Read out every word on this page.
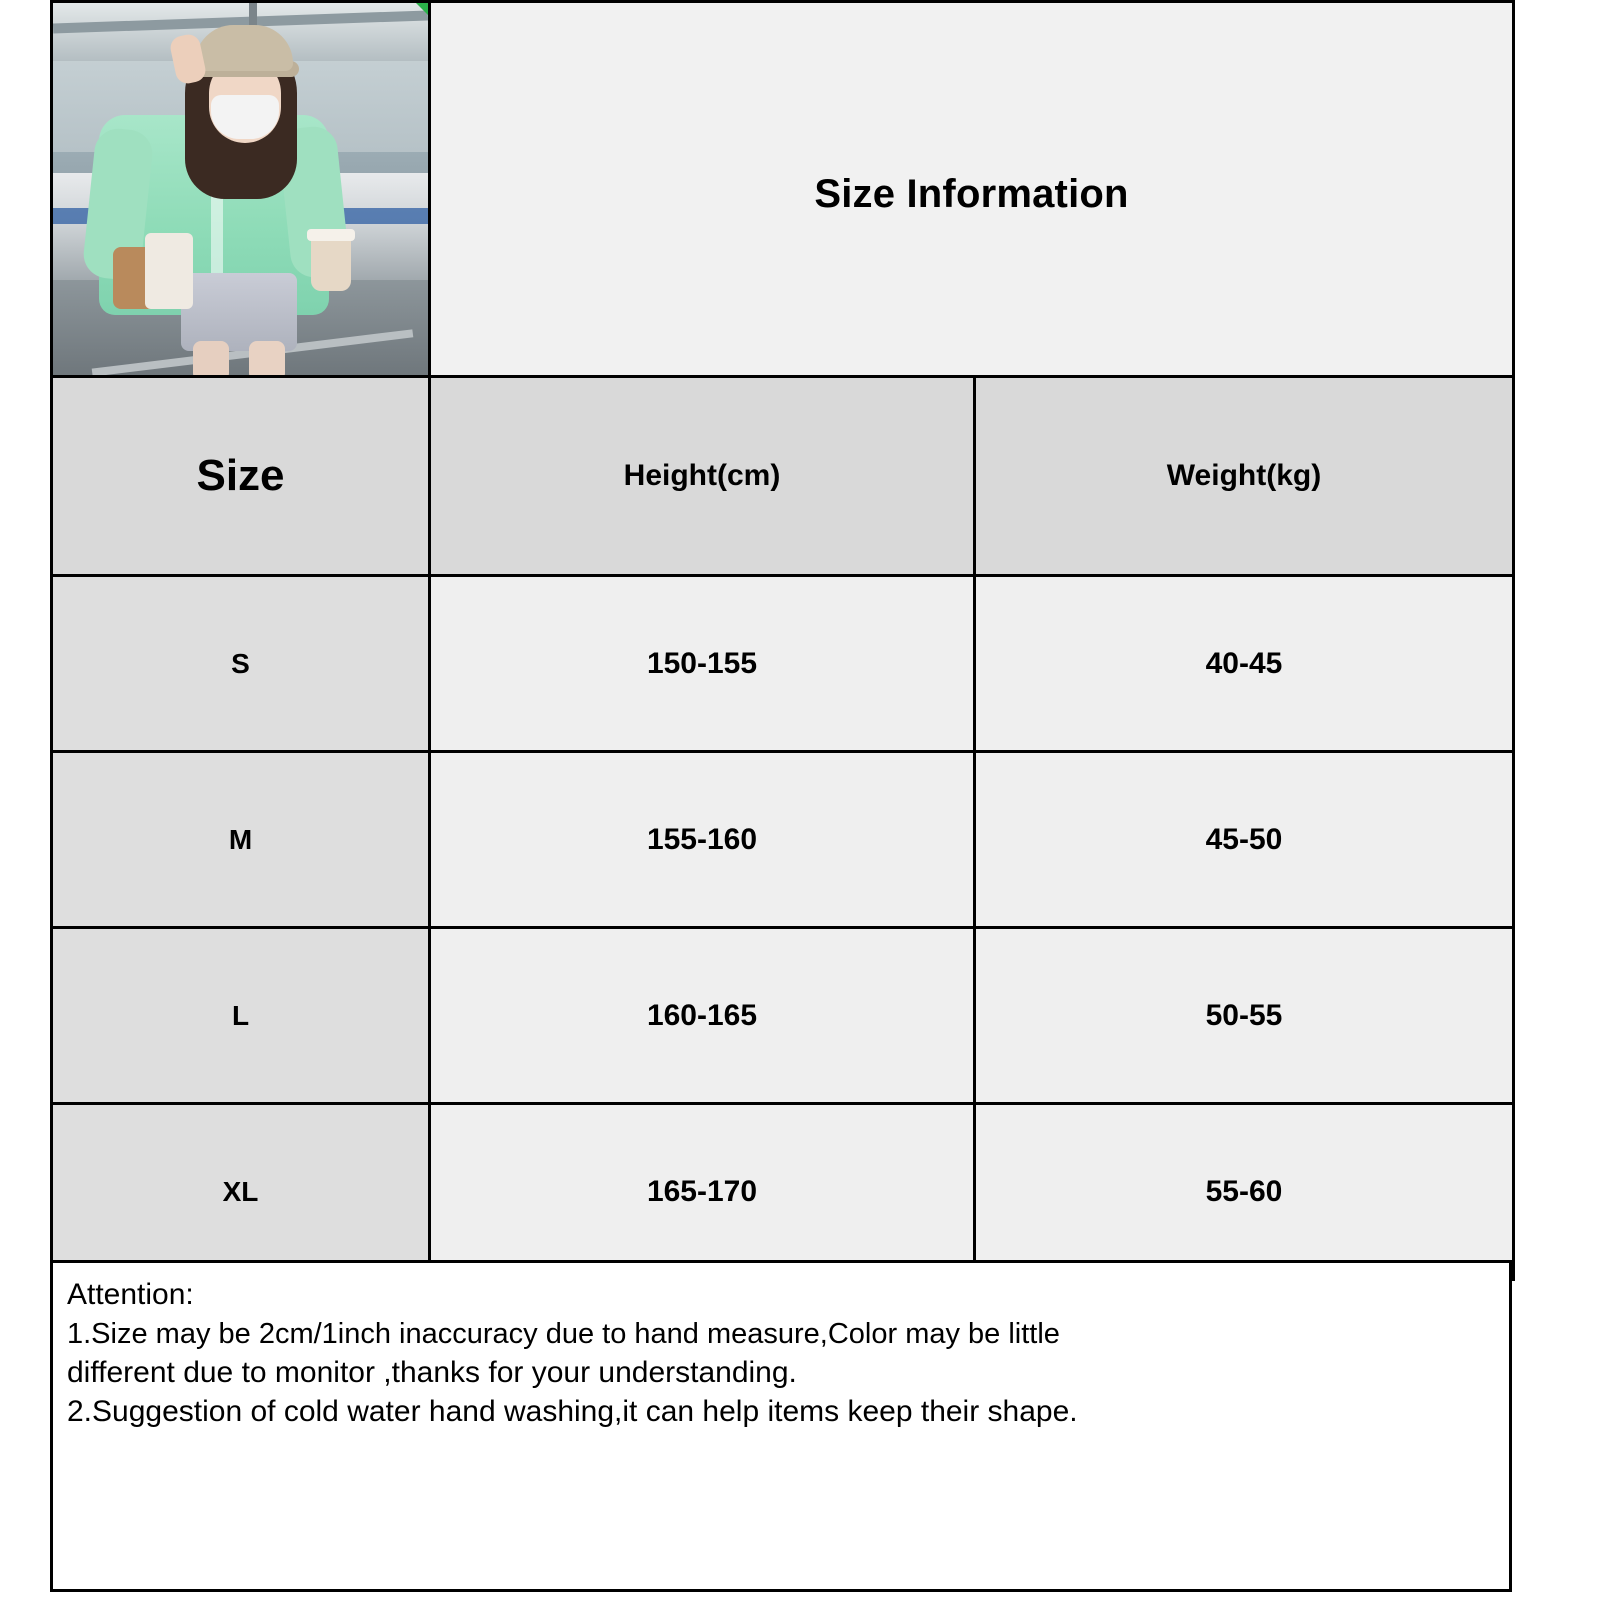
	Size Information	

Size	Height(cm)	Weight(kg)
S	150-155	40-45
M	155-160	45-50
L	160-165	50-55
XL	165-170	55-60
Attention:
1.Size may be 2cm/1inch inaccuracy due to hand measure,Color may be little
different due to monitor ,thanks for your understanding.
2.Suggestion of cold water hand washing,it can help items keep their shape.
